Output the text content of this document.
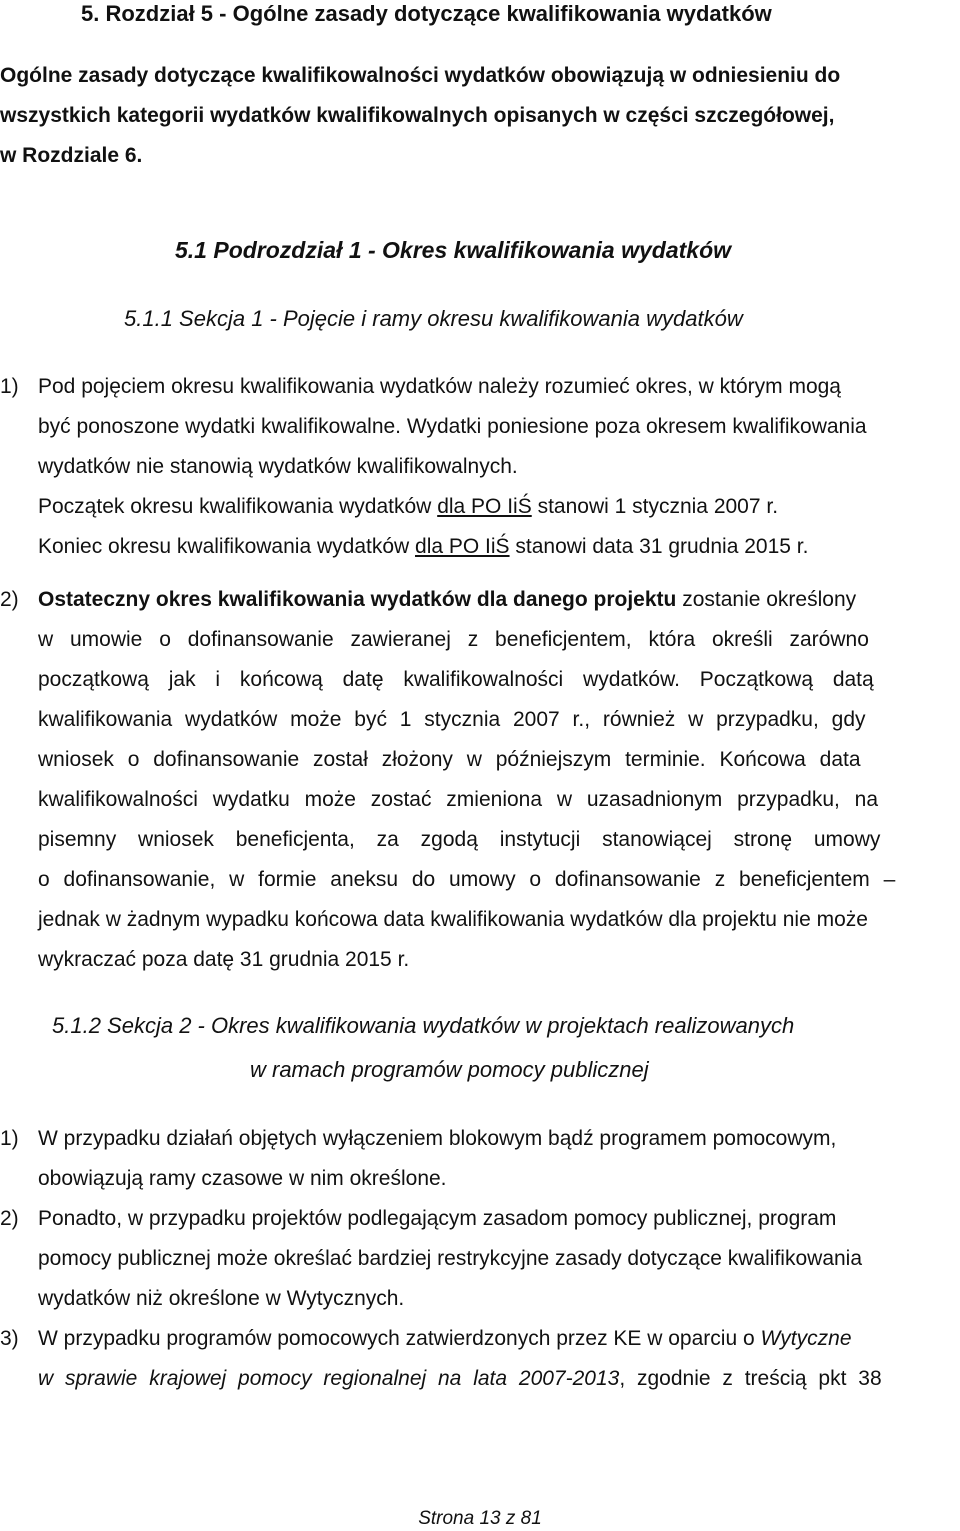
5. Rozdział 5 - Ogólne zasady dotyczące kwalifikowania wydatków
Ogólne zasady dotyczące kwalifikowalności wydatków obowiązują w odniesieniu do
wszystkich kategorii wydatków kwalifikowalnych opisanych w części szczegółowej,
w Rozdziale 6.
5.1 Podrozdział 1 - Okres kwalifikowania wydatków
5.1.1 Sekcja 1 - Pojęcie i ramy okresu kwalifikowania wydatków
1) Pod pojęciem okresu kwalifikowania wydatków należy rozumieć okres, w którym mogą
być ponoszone wydatki kwalifikowalne. Wydatki poniesione poza okresem kwalifikowania
wydatków nie stanowią wydatków kwalifikowalnych.
Początek okresu kwalifikowania wydatków dla PO IiŚ stanowi 1 stycznia 2007 r.
Koniec okresu kwalifikowania wydatków dla PO IiŚ stanowi data 31 grudnia 2015 r.
2) Ostateczny okres kwalifikowania wydatków dla danego projektu zostanie określony
w umowie o dofinansowanie zawieranej z beneficjentem, która określi zarówno
początkową jak i końcową datę kwalifikowalności wydatków. Początkową datą
kwalifikowania wydatków może być 1 stycznia 2007 r., również w przypadku, gdy
wniosek o dofinansowanie został złożony w późniejszym terminie. Końcowa data
kwalifikowalności wydatku może zostać zmieniona w uzasadnionym przypadku, na
pisemny wniosek beneficjenta, za zgodą instytucji stanowiącej stronę umowy
o dofinansowanie, w formie aneksu do umowy o dofinansowanie z beneficjentem –
jednak w żadnym wypadku końcowa data kwalifikowania wydatków dla projektu nie może
wykraczać poza datę 31 grudnia 2015 r.
5.1.2 Sekcja 2 - Okres kwalifikowania wydatków w projektach realizowanych
w ramach programów pomocy publicznej
1) W przypadku działań objętych wyłączeniem blokowym bądź programem pomocowym,
obowiązują ramy czasowe w nim określone.
2) Ponadto, w przypadku projektów podlegającym zasadom pomocy publicznej, program
pomocy publicznej może określać bardziej restrykcyjne zasady dotyczące kwalifikowania
wydatków niż określone w Wytycznych.
3) W przypadku programów pomocowych zatwierdzonych przez KE w oparciu o Wytyczne
w sprawie krajowej pomocy regionalnej na lata 2007-2013, zgodnie z treścią pkt 38
Strona 13 z 81
